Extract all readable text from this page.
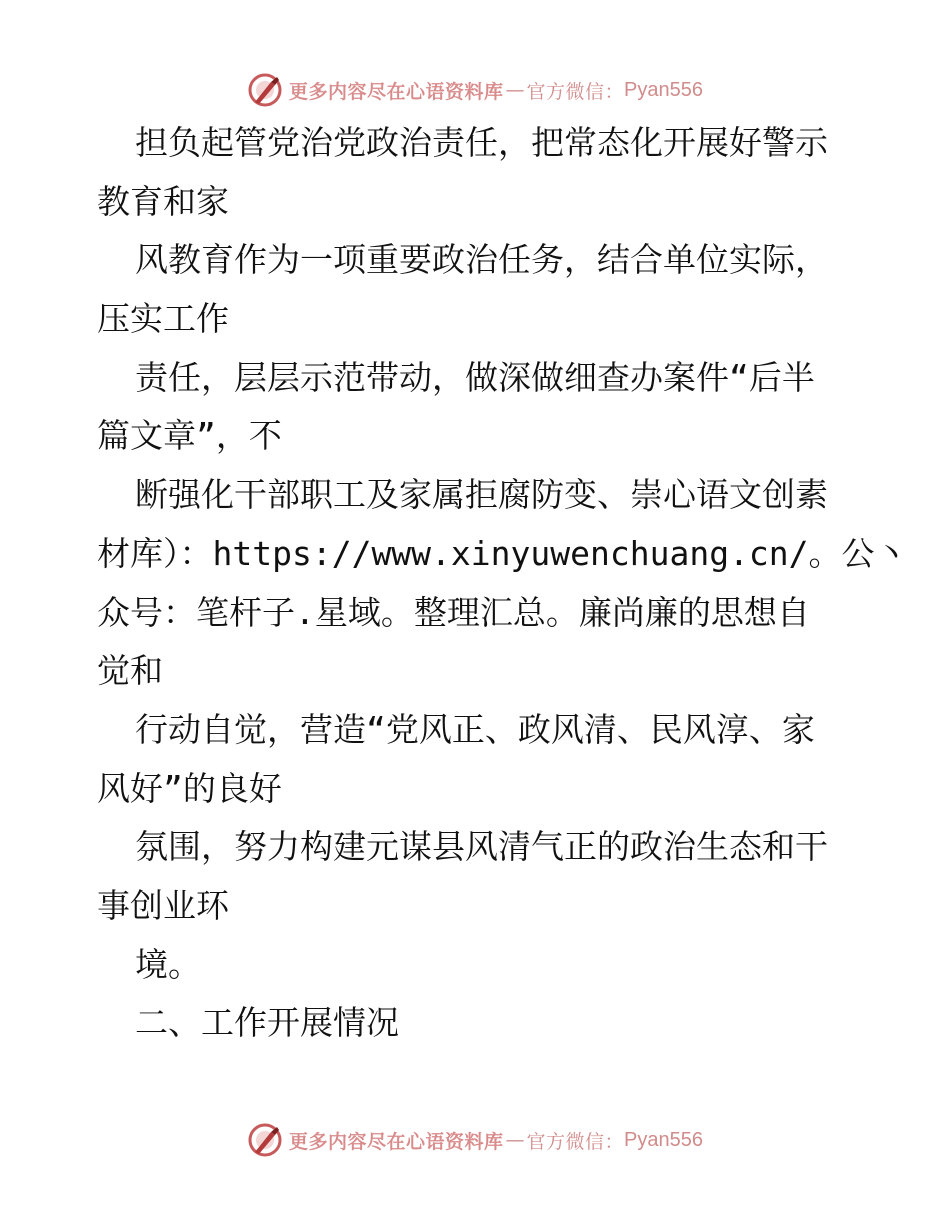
更多内容尽在心语资料库 — 官方微信： Pyan556
担负起管党治党政治责任，把常态化开展好警示
教育和家
风教育作为一项重要政治任务，结合单位实际，
压实工作
责任，层层示范带动，做深做细查办案件“后半
篇文章”，不
断强化干部职工及家属拒腐防变、崇心语文创素
材库）：https://www.xinyuwenchuang.cn/。公丶
众号：笔杆子.星域。整理汇总。廉尚廉的思想自
觉和
行动自觉，营造“党风正、政风清、民风淳、家
风好”的良好
氛围，努力构建元谋县风清气正的政治生态和干
事创业环
境。
二、工作开展情况
更多内容尽在心语资料库 — 官方微信： Pyan556
